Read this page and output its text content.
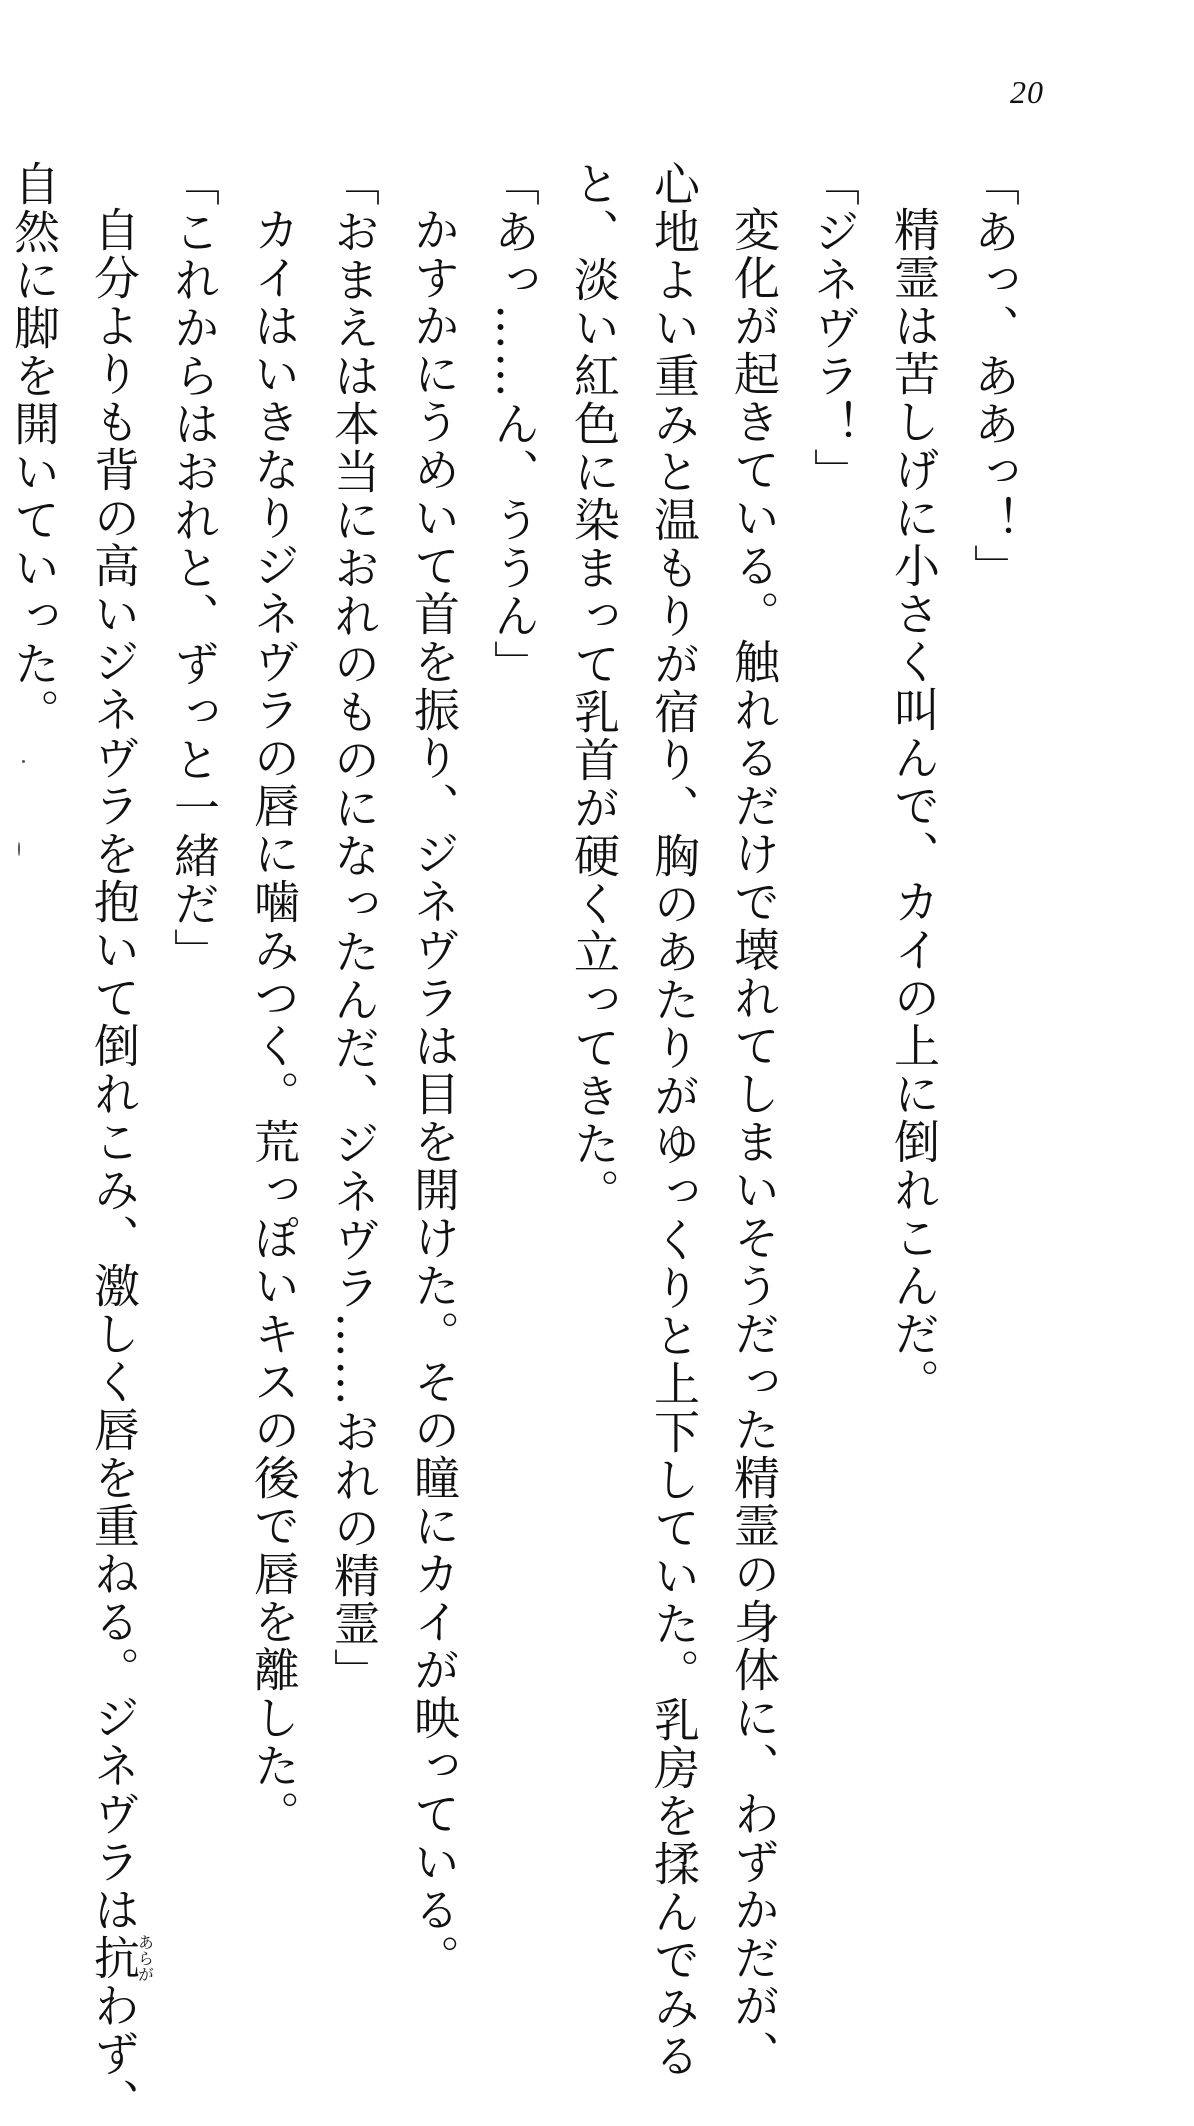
20
「あっ、ああっ！」
精霊は苦しげに小さく叫んで、カイの上に倒れこんだ。
「ジネヴラ！」
変化が起きている。触れるだけで壊れてしまいそうだった精霊の身体に、わずかだが、
心地よい重みと温もりが宿り、胸のあたりがゆっくりと上下していた。乳房を揉んでみる
と、淡い紅色に染まって乳首が硬く立ってきた。
「あっ……ん、ううん」
かすかにうめいて首を振り、ジネヴラは目を開けた。その瞳にカイが映っている。
「おまえは本当におれのものになったんだ、ジネヴラ……おれの精霊」
カイはいきなりジネヴラの唇に噛みつく。荒っぽいキスの後で唇を離した。
「これからはおれと、ずっと一緒だ」
自分よりも背の高いジネヴラを抱いて倒れこみ、激しく唇を重ねる。ジネヴラは抗あらがわず、
自然に脚を開いていった。
